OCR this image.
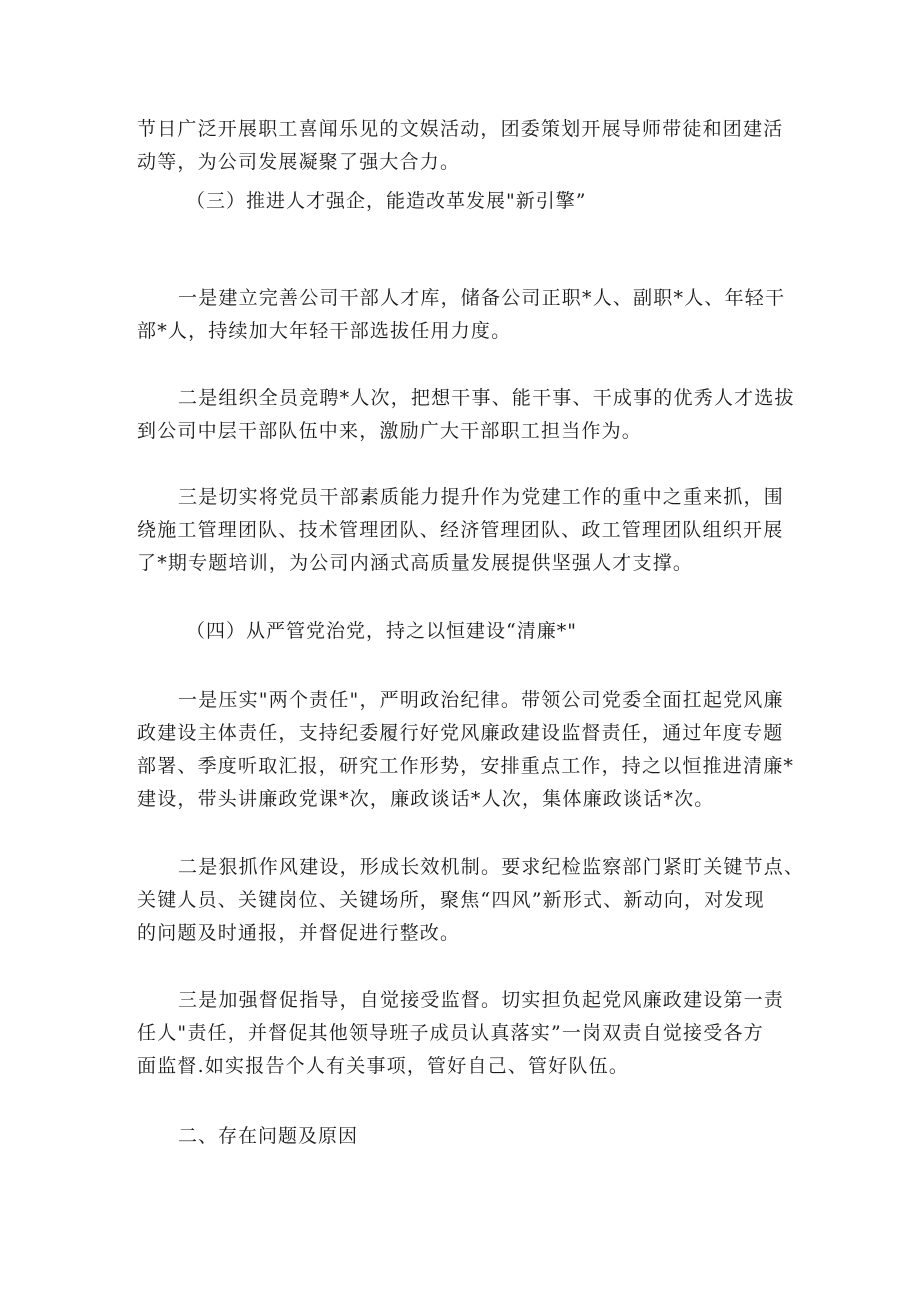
节日广泛开展职工喜闻乐见的文娱活动，团委策划开展导师带徒和团建活
动等，为公司发展凝聚了强大合力。
（三）推进人才强企，能造改革发展"新引擎”
一是建立完善公司干部人才库，储备公司正职*人、副职*人、年轻干
部*人，持续加大年轻干部选拔任用力度。
二是组织全员竞聘*人次，把想干事、能干事、干成事的优秀人才选拔
到公司中层干部队伍中来，激励广大干部职工担当作为。
三是切实将党员干部素质能力提升作为党建工作的重中之重来抓，围
绕施工管理团队、技术管理团队、经济管理团队、政工管理团队组织开展
了*期专题培训，为公司内涵式高质量发展提供坚强人才支撑。
（四）从严管党治党，持之以恒建设“清廉*"
一是压实"两个责任"，严明政治纪律。带领公司党委全面扛起党风廉
政建设主体责任，支持纪委履行好党风廉政建设监督责任，通过年度专题
部署、季度听取汇报，研究工作形势，安排重点工作，持之以恒推进清廉*
建设，带头讲廉政党课*次，廉政谈话*人次，集体廉政谈话*次。
二是狠抓作风建设，形成长效机制。要求纪检监察部门紧盯关键节点、
关键人员、关键岗位、关键场所，聚焦“四风”新形式、新动向，对发现
的问题及时通报，并督促进行整改。
三是加强督促指导，自觉接受监督。切实担负起党风廉政建设第一责
任人"责任，并督促其他领导班子成员认真落实”一岗双责自觉接受各方
面监督.如实报告个人有关事项，管好自己、管好队伍。
二、存在问题及原因
